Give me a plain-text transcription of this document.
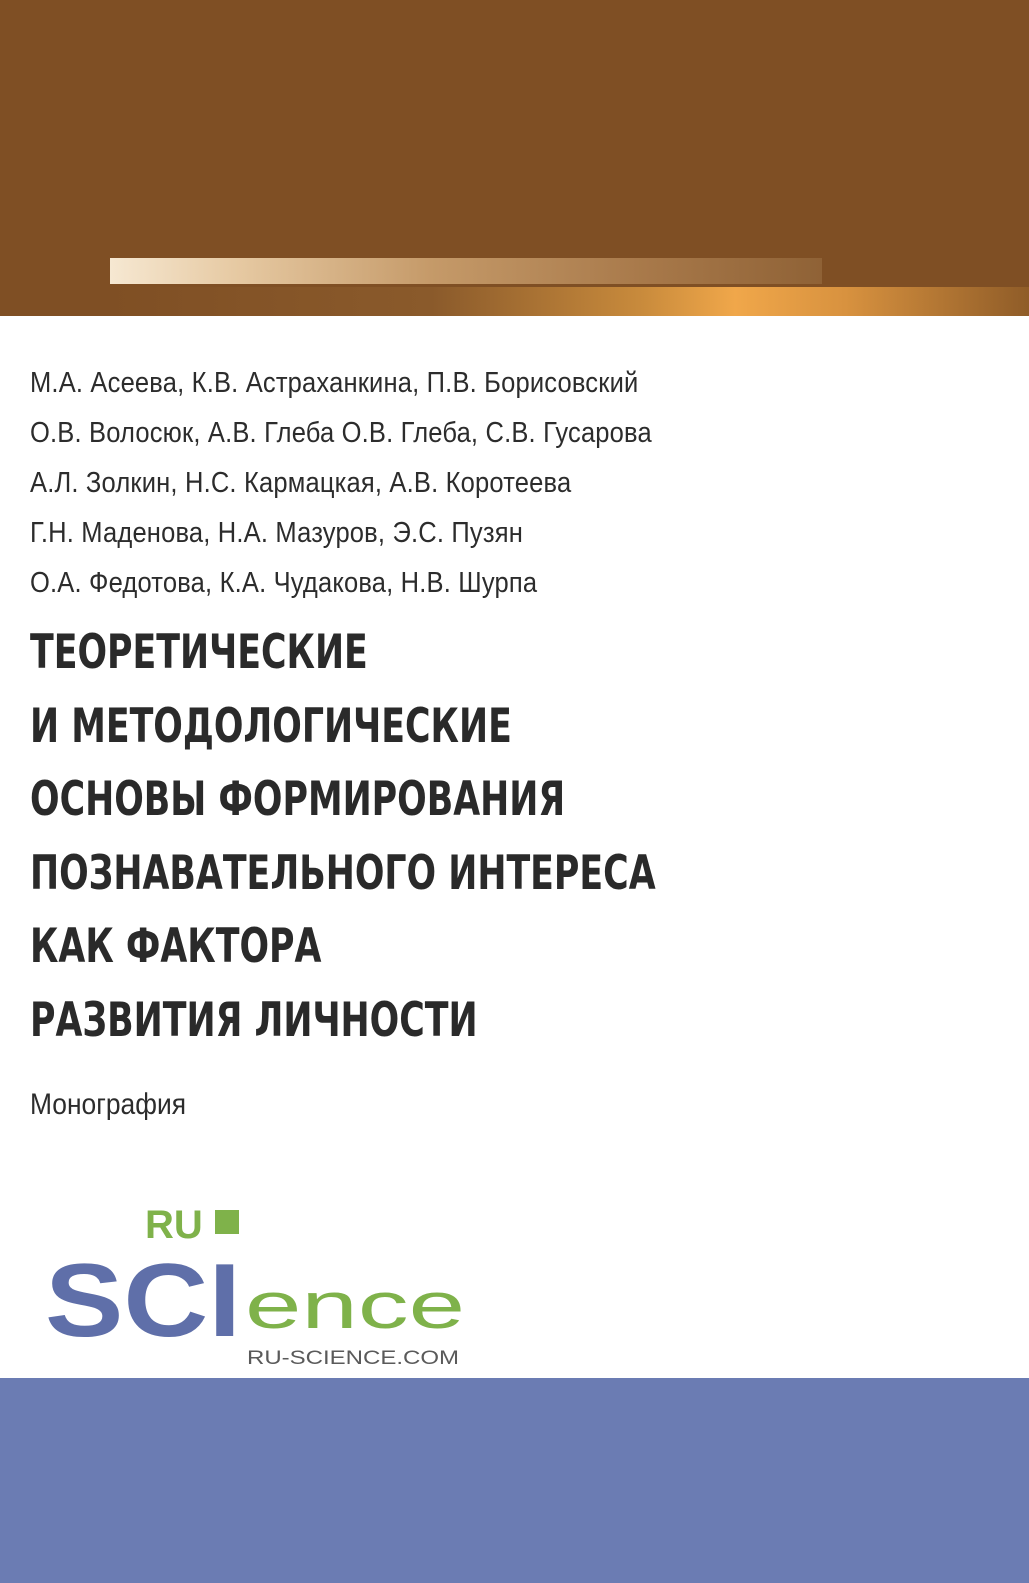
М.А. Асеева, К.В. Астраханкина, П.В. Борисовский
О.В. Волосюк, А.В. Глеба О.В. Глеба, С.В. Гусарова
А.Л. Золкин, Н.С. Кармацкая, А.В. Коротеева
Г.Н. Маденова, Н.А. Мазуров, Э.С. Пузян
О.А. Федотова, К.А. Чудакова, Н.В. Шурпа
ТЕОРЕТИЧЕСКИЕ
И МЕТОДОЛОГИЧЕСКИЕ
ОСНОВЫ ФОРМИРОВАНИЯ
ПОЗНАВАТЕЛЬНОГО ИНТЕРЕСА
КАК ФАКТОРА
РАЗВИТИЯ ЛИЧНОСТИ
Монография
RU
SCI ence
RU-SCIENCE.COM
